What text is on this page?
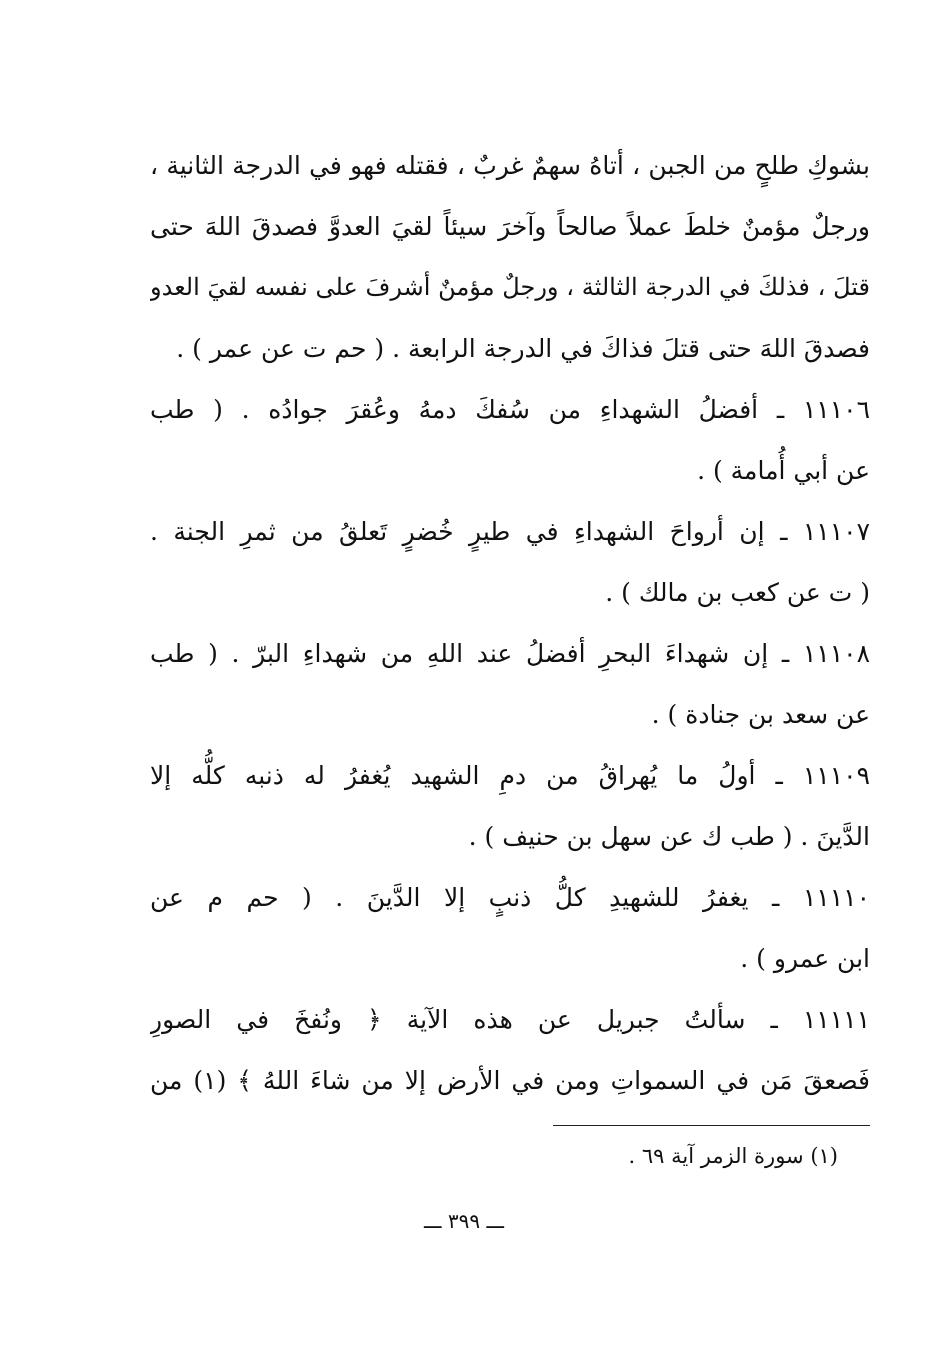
بشوكِ طلحٍ من الجبن ، أتاهُ سهمٌ غربٌ ، فقتله فهو في الدرجة الثانية ،
ورجلٌ مؤمنٌ خلطَ عملاً صالحاً وآخرَ سيئاً لقيَ العدوَّ فصدقَ اللهَ حتى
قتلَ ، فذلكَ في الدرجة الثالثة ، ورجلٌ مؤمنٌ أشرفَ على نفسه لقيَ العدو
فصدقَ اللهَ حتى قتلَ فذاكَ في الدرجة الرابعة . ( حم ت عن عمر ) .
١١١٠٦ ـ أفضلُ الشهداءِ من سُفكَ دمهُ وعُقرَ جوادُه . ( طب
عن أبي أُمامة ) .
١١١٠٧ ـ إن أرواحَ الشهداءِ في طيرٍ خُضرٍ تَعلقُ من ثمرِ الجنة .
( ت عن كعب بن مالك ) .
١١١٠٨ ـ إن شهداءَ البحرِ أفضلُ عند اللهِ من شهداءِ البرّ . ( طب
عن سعد بن جنادة ) .
١١١٠٩ ـ أولُ ما يُهراقُ من دمِ الشهيد يُغفرُ له ذنبه كلُّه إلا
الدَّينَ . ( طب ك عن سهل بن حنيف ) .
١١١١٠ ـ يغفرُ للشهيدِ كلُّ ذنبٍ إلا الدَّينَ . ( حم م عن
ابن عمرو ) .
١١١١١ ـ سألتُ جبريل عن هذه الآية ﴿ ونُفخَ في الصورِ
فَصعقَ مَن في السمواتِ ومن في الأرض إلا من شاءَ اللهُ ﴾ (١) من
(١) سورة الزمر آية ٦٩ .
ـــ ٣٩٩ ـــ
